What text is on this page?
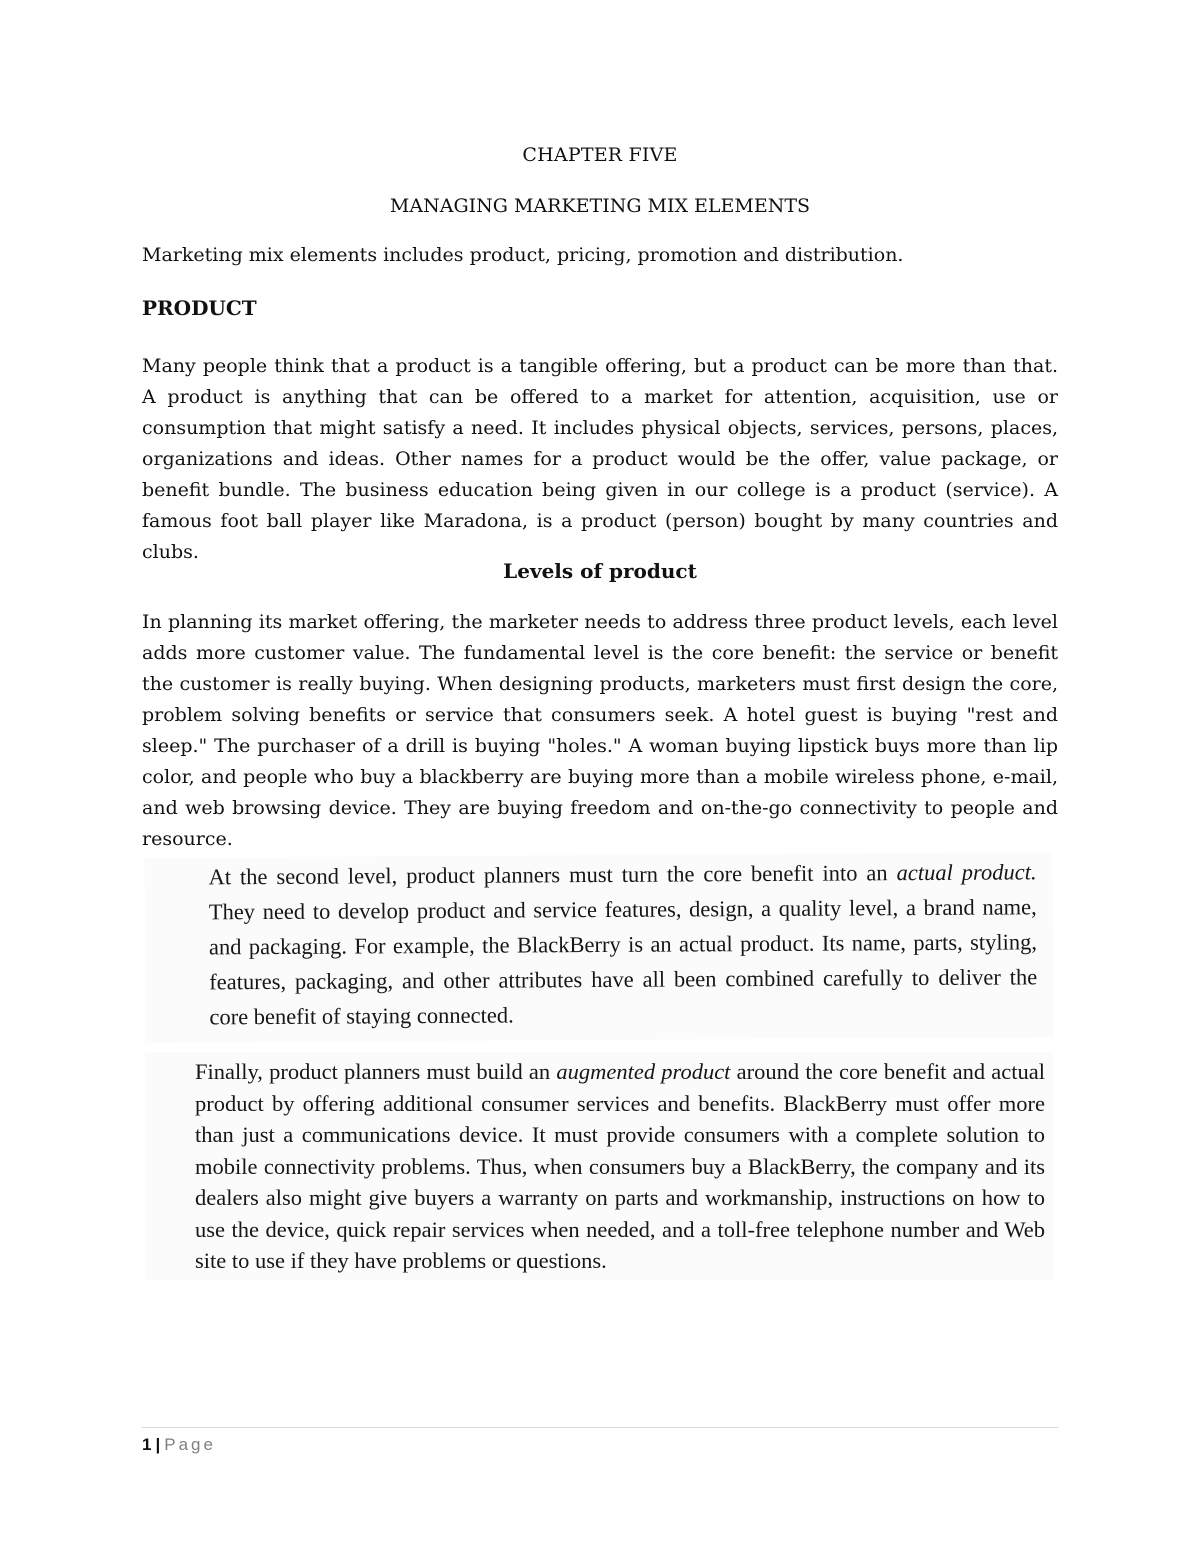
CHAPTER FIVE
MANAGING MARKETING MIX ELEMENTS
Marketing mix elements includes product, pricing, promotion and distribution.
PRODUCT
Many people think that a product is a tangible offering, but a product can be more than that. A product is anything that can be offered to a market for attention, acquisition, use or consumption that might satisfy a need. It includes physical objects, services, persons, places, organizations and ideas. Other names for a product would be the offer, value package, or benefit bundle. The business education being given in our college is a product (service). A famous foot ball player like Maradona, is a product (person) bought by many countries and clubs.
Levels of product
In planning its market offering, the marketer needs to address three product levels, each level adds more customer value. The fundamental level is the core benefit: the service or benefit the customer is really buying. When designing products, marketers must first design the core, problem solving benefits or service that consumers seek. A hotel guest is buying "rest and sleep." The purchaser of a drill is buying "holes." A woman buying lipstick buys more than lip color, and people who buy a blackberry are buying more than a mobile wireless phone, e-mail, and web browsing device. They are buying freedom and on-the-go connectivity to people and resource.

At the second level, product planners must turn the core benefit into an actual product. They need to develop product and service features, design, a quality level, a brand name, and packaging. For example, the BlackBerry is an actual product. Its name, parts, styling, features, packaging, and other attributes have all been combined carefully to deliver the core benefit of staying connected.

Finally, product planners must build an augmented product around the core benefit and actual product by offering additional consumer services and benefits. BlackBerry must offer more than just a communications device. It must provide consumers with a complete solution to mobile connectivity problems. Thus, when consumers buy a BlackBerry, the company and its dealers also might give buyers a warranty on parts and workmanship, instructions on how to use the device, quick repair services when needed, and a toll-free telephone number and Web site to use if they have problems or questions.

1 | Page
